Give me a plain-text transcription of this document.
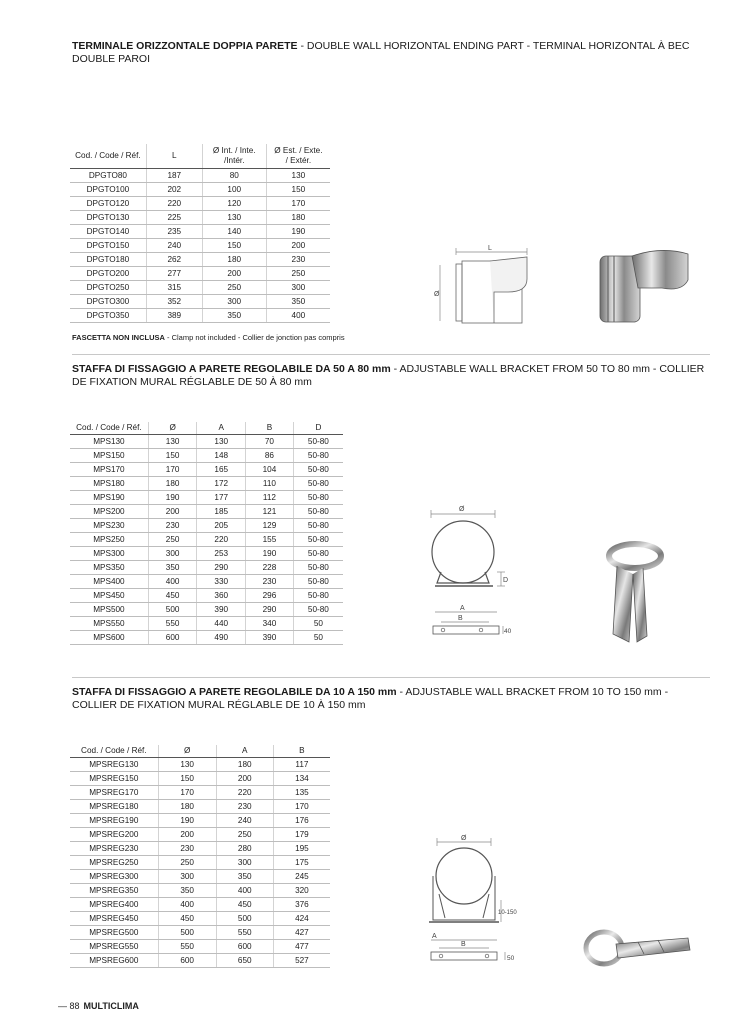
TERMINALE ORIZZONTALE DOPPIA PARETE - DOUBLE WALL HORIZONTAL ENDING PART - TERMINAL HORIZONTAL À BEC DOUBLE PAROI
Cod. / Code / Réf.	L	Ø Int. / Inte. /Intér.	Ø Est. / Exte. / Extér.
DPGTO80	187	80	130
DPGTO100	202	100	150
DPGTO120	220	120	170
DPGTO130	225	130	180
DPGTO140	235	140	190
DPGTO150	240	150	200
DPGTO180	262	180	230
DPGTO200	277	200	250
DPGTO250	315	250	300
DPGTO300	352	300	350
DPGTO350	389	350	400
FASCETTA NON INCLUSA - Clamp not included - Collier de jonction pas compris
L
Ø
STAFFA DI FISSAGGIO A PARETE REGOLABILE DA 50 A 80 mm - ADJUSTABLE WALL BRACKET FROM 50 TO 80 mm - COLLIER DE FIXATION MURAL RÉGLABLE DE 50 À 80 mm
Cod. / Code / Réf.	Ø	A	B	D
MPS130	130	130	70	50-80
MPS150	150	148	86	50-80
MPS170	170	165	104	50-80
MPS180	180	172	110	50-80
MPS190	190	177	112	50-80
MPS200	200	185	121	50-80
MPS230	230	205	129	50-80
MPS250	250	220	155	50-80
MPS300	300	253	190	50-80
MPS350	350	290	228	50-80
MPS400	400	330	230	50-80
MPS450	450	360	296	50-80
MPS500	500	390	290	50-80
MPS550	550	440	340	50
MPS600	600	490	390	50
Ø
D
A
B
40
STAFFA DI FISSAGGIO A PARETE REGOLABILE DA 10 A 150 mm - ADJUSTABLE WALL BRACKET FROM 10 TO 150 mm - COLLIER DE FIXATION MURAL RÉGLABLE DE 10 À 150 mm
Cod. / Code / Réf.	Ø	A	B
MPSREG130	130	180	117
MPSREG150	150	200	134
MPSREG170	170	220	135
MPSREG180	180	230	170
MPSREG190	190	240	176
MPSREG200	200	250	179
MPSREG230	230	280	195
MPSREG250	250	300	175
MPSREG300	300	350	245
MPSREG350	350	400	320
MPSREG400	400	450	376
MPSREG450	450	500	424
MPSREG500	500	550	427
MPSREG550	550	600	477
MPSREG600	600	650	527
Ø
10-150
A
B
50
— 88 MULTICLIMA
